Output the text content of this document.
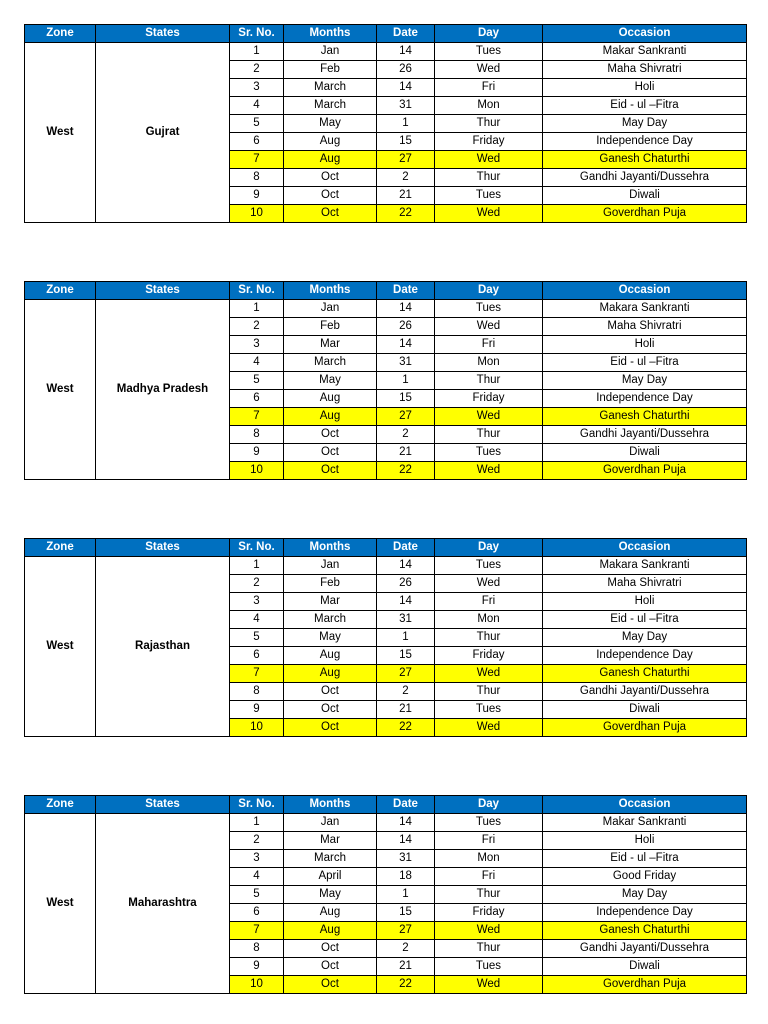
Zone	States	Sr. No.	Months	Date	Day	Occasion
West	Gujrat	1	Jan	14	Tues	Makar Sankranti
		2	Feb	26	Wed	Maha Shivratri
		3	March	14	Fri	Holi
		4	March	31	Mon	Eid - ul –Fitra
		5	May	1	Thur	May Day
		6	Aug	15	Friday	Independence Day
		7	Aug	27	Wed	Ganesh Chaturthi
		8	Oct	2	Thur	Gandhi Jayanti/Dussehra
		9	Oct	21	Tues	Diwali
		10	Oct	22	Wed	Goverdhan Puja
Zone	States	Sr. No.	Months	Date	Day	Occasion
West	Madhya Pradesh	1	Jan	14	Tues	Makara Sankranti
		2	Feb	26	Wed	Maha Shivratri
		3	Mar	14	Fri	Holi
		4	March	31	Mon	Eid - ul –Fitra
		5	May	1	Thur	May Day
		6	Aug	15	Friday	Independence Day
		7	Aug	27	Wed	Ganesh Chaturthi
		8	Oct	2	Thur	Gandhi Jayanti/Dussehra
		9	Oct	21	Tues	Diwali
		10	Oct	22	Wed	Goverdhan Puja
Zone	States	Sr. No.	Months	Date	Day	Occasion
West	Rajasthan	1	Jan	14	Tues	Makara Sankranti
		2	Feb	26	Wed	Maha Shivratri
		3	Mar	14	Fri	Holi
		4	March	31	Mon	Eid - ul –Fitra
		5	May	1	Thur	May Day
		6	Aug	15	Friday	Independence Day
		7	Aug	27	Wed	Ganesh Chaturthi
		8	Oct	2	Thur	Gandhi Jayanti/Dussehra
		9	Oct	21	Tues	Diwali
		10	Oct	22	Wed	Goverdhan Puja
Zone	States	Sr. No.	Months	Date	Day	Occasion
West	Maharashtra	1	Jan	14	Tues	Makar Sankranti
		2	Mar	14	Fri	Holi
		3	March	31	Mon	Eid - ul –Fitra
		4	April	18	Fri	Good Friday
		5	May	1	Thur	May Day
		6	Aug	15	Friday	Independence Day
		7	Aug	27	Wed	Ganesh Chaturthi
		8	Oct	2	Thur	Gandhi Jayanti/Dussehra
		9	Oct	21	Tues	Diwali
		10	Oct	22	Wed	Goverdhan Puja
